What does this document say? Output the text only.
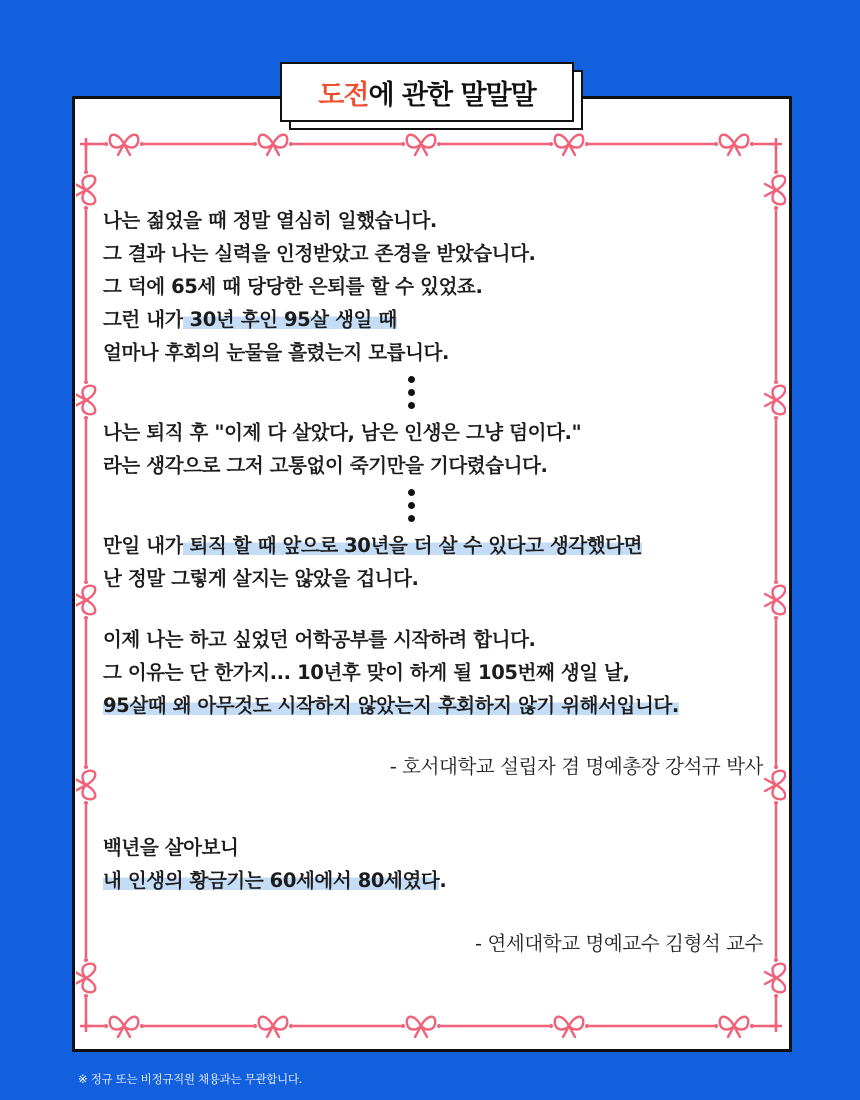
도전 에 관한 말말말
나는 젊었을 때 정말 열심히 일했습니다.
그 결과 나는 실력을 인정받았고 존경을 받았습니다.
그 덕에 65세 때 당당한 은퇴를 할 수 있었죠.
그런 내가 30년 후인 95살 생일 때
얼마나 후회의 눈물을 흘렸는지 모릅니다.
나는 퇴직 후 "이제 다 살았다, 남은 인생은 그냥 덤이다."
라는 생각으로 그저 고통없이 죽기만을 기다렸습니다.
만일 내가 퇴직 할 때 앞으로 30년을 더 살 수 있다고 생각했다면
난 정말 그렇게 살지는 않았을 겁니다.
이제 나는 하고 싶었던 어학공부를 시작하려 합니다.
그 이유는 단 한가지... 10년후 맞이 하게 될 105번째 생일 날,
95살때 왜 아무것도 시작하지 않았는지 후회하지 않기 위해서입니다.
- 호서대학교 설립자 겸 명예총장 강석규 박사
백년을 살아보니
내 인생의 황금기는 60세에서 80세였다.
- 연세대학교 명예교수 김형석 교수
※ 정규 또는 비정규직원 채용과는 무관합니다.
